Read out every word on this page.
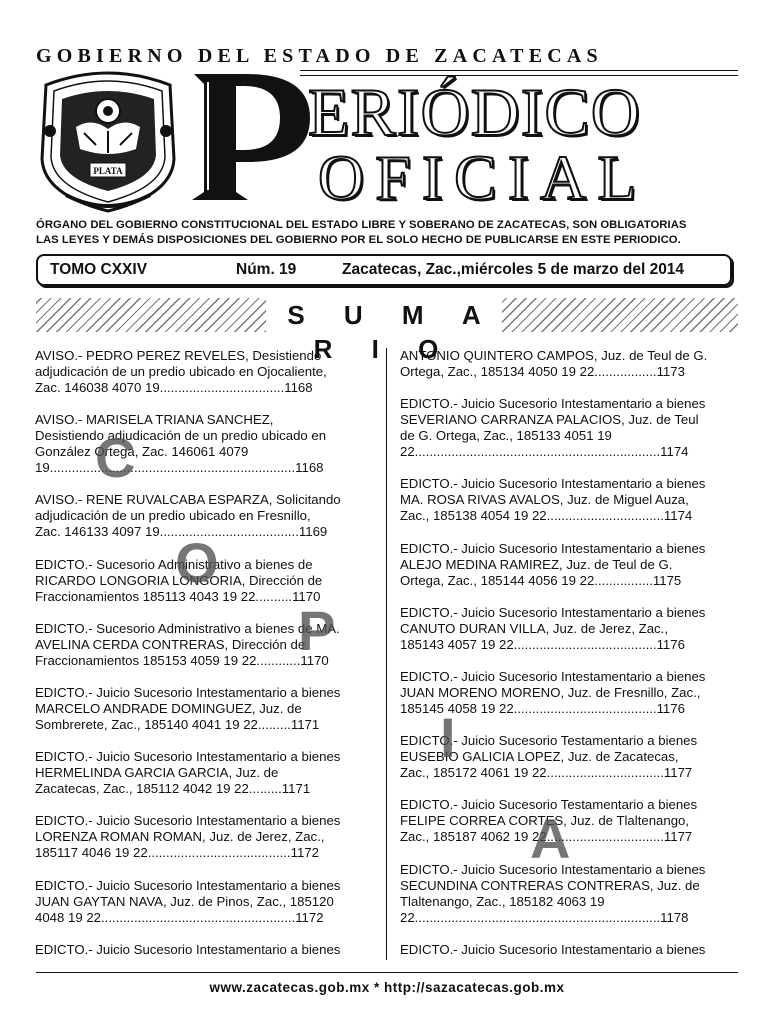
GOBIERNO DEL ESTADO DE ZACATECAS
PLATA
ERIÓDICO
OFICIAL
ÓRGANO DEL GOBIERNO CONSTITUCIONAL DEL ESTADO LIBRE Y SOBERANO DE ZACATECAS, SON OBLIGATORIAS
LAS LEYES Y DEMÁS DISPOSICIONES DEL GOBIERNO POR EL SOLO HECHO DE PUBLICARSE EN ESTE PERIODICO.
TOMO CXXIV	Núm. 19	Zacatecas, Zac.,miércoles 5 de marzo del 2014
S U M A R I O
AVISO.- PEDRO PEREZ REVELES, Desistiendo
adjudicación de un predio ubicado en Ojocaliente,
Zac. 146038 4070 19..................................1168
AVISO.- MARISELA TRIANA SANCHEZ,
Desistiendo adjudicación de un predio ubicado en
González Ortega, Zac. 146061 4079
19...................................................................1168
AVISO.- RENE RUVALCABA ESPARZA, Solicitando
adjudicación de un predio ubicado en Fresnillo,
Zac. 146133 4097 19......................................1169
EDICTO.- Sucesorio Administrativo a bienes de
RICARDO LONGORIA LONGORIA, Dirección de
Fraccionamientos 185113 4043 19 22..........1170
EDICTO.- Sucesorio Administrativo a bienes de MA.
AVELINA CERDA CONTRERAS, Dirección de
Fraccionamientos 185153 4059 19 22............1170
EDICTO.- Juicio Sucesorio Intestamentario a bienes
MARCELO ANDRADE DOMINGUEZ, Juz. de
Sombrerete, Zac., 185140 4041 19 22.........1171
EDICTO.- Juicio Sucesorio Intestamentario a bienes
HERMELINDA GARCIA GARCIA, Juz. de
Zacatecas, Zac., 185112 4042 19 22.........1171
EDICTO.- Juicio Sucesorio Intestamentario a bienes
LORENZA ROMAN ROMAN, Juz. de Jerez, Zac.,
185117 4046 19 22.......................................1172
EDICTO.- Juicio Sucesorio Intestamentario a bienes
JUAN GAYTAN NAVA, Juz. de Pinos, Zac., 185120
4048 19 22.....................................................1172
EDICTO.- Juicio Sucesorio Intestamentario a bienes
ANTONIO QUINTERO CAMPOS, Juz. de Teul de G.
Ortega, Zac., 185134 4050 19 22.................1173
EDICTO.- Juicio Sucesorio Intestamentario a bienes
SEVERIANO CARRANZA PALACIOS, Juz. de Teul
de G. Ortega, Zac., 185133 4051 19
22...................................................................1174
EDICTO.- Juicio Sucesorio Intestamentario a bienes
MA. ROSA RIVAS AVALOS, Juz. de Miguel Auza,
Zac., 185138 4054 19 22................................1174
EDICTO.- Juicio Sucesorio Intestamentario a bienes
ALEJO MEDINA RAMIREZ, Juz. de Teul de G.
Ortega, Zac., 185144 4056 19 22................1175
EDICTO.- Juicio Sucesorio Intestamentario a bienes
CANUTO DURAN VILLA, Juz. de Jerez, Zac.,
185143 4057 19 22.......................................1176
EDICTO.- Juicio Sucesorio Intestamentario a bienes
JUAN MORENO MORENO, Juz. de Fresnillo, Zac.,
185145 4058 19 22.......................................1176
EDICTO.- Juicio Sucesorio Testamentario a bienes
EUSEBIO GALICIA LOPEZ, Juz. de Zacatecas,
Zac., 185172 4061 19 22................................1177
EDICTO.- Juicio Sucesorio Testamentario a bienes
FELIPE CORREA CORTES, Juz. de Tlaltenango,
Zac., 185187 4062 19 22................................1177
EDICTO.- Juicio Sucesorio Intestamentario a bienes
SECUNDINA CONTRERAS CONTRERAS, Juz. de
Tlaltenango, Zac., 185182 4063 19
22...................................................................1178
EDICTO.- Juicio Sucesorio Intestamentario a bienes
www.zacatecas.gob.mx * http://sazacatecas.gob.mx
C
O
P
I
A
